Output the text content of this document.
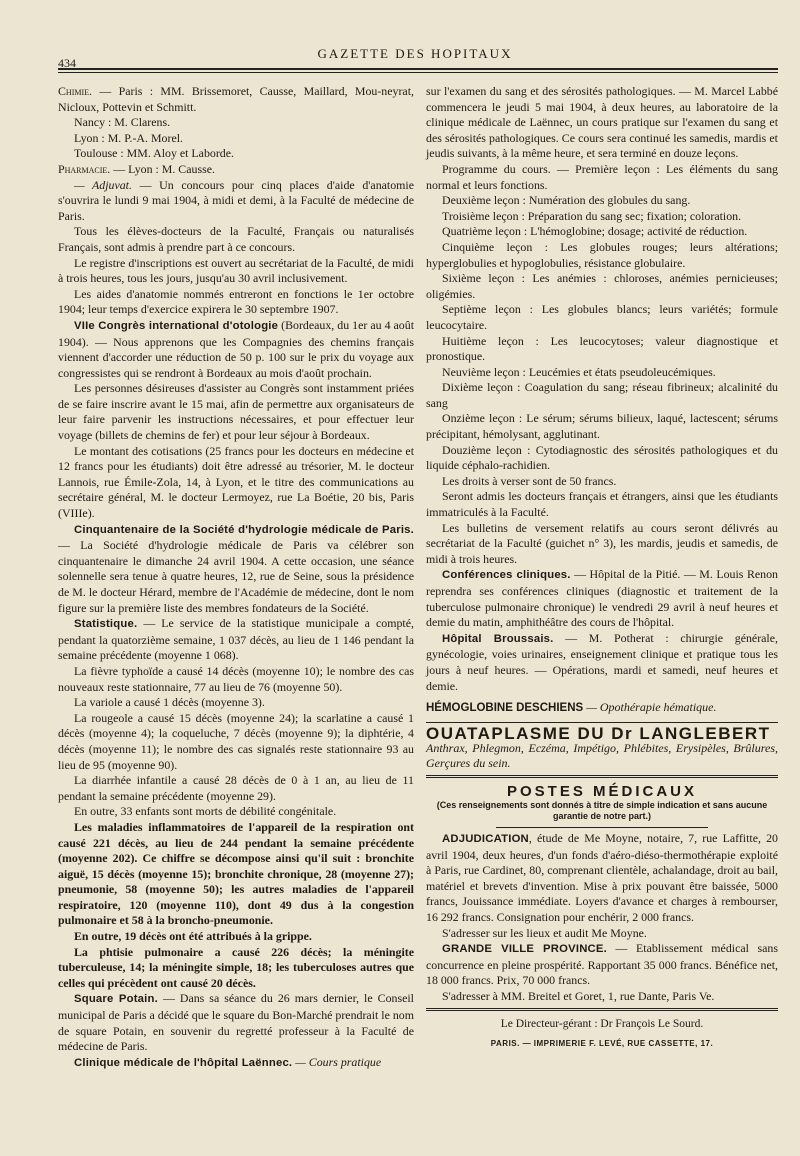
434
GAZETTE DES HOPITAUX

Chimie. — Paris : MM. Brissemoret, Causse, Maillard, Mou-neyrat, Nicloux, Pottevin et Schmitt.

Nancy : M. Clarens.

Lyon : M. P.-A. Morel.

Toulouse : MM. Aloy et Laborde.

Pharmacie. — Lyon : M. Causse.

— Adjuvat. — Un concours pour cinq places d'aide d'anatomie s'ouvrira le lundi 9 mai 1904, à midi et demi, à la Faculté de médecine de Paris.

Tous les élèves-docteurs de la Faculté, Français ou naturalisés Français, sont admis à prendre part à ce concours.

Le registre d'inscriptions est ouvert au secrétariat de la Faculté, de midi à trois heures, tous les jours, jusqu'au 30 avril inclusivement.

Les aides d'anatomie nommés entreront en fonctions le 1er octobre 1904; leur temps d'exercice expirera le 30 septembre 1907.

VIIe Congrès international d'otologie (Bordeaux, du 1er au 4 août 1904). — Nous apprenons que les Compagnies des chemins français viennent d'accorder une réduction de 50 p. 100 sur le prix du voyage aux congressistes qui se rendront à Bordeaux au mois d'août prochain.

Les personnes désireuses d'assister au Congrès sont instamment priées de se faire inscrire avant le 15 mai, afin de permettre aux organisateurs de leur faire parvenir les instructions nécessaires, et pour effectuer leur voyage (billets de chemins de fer) et pour leur séjour à Bordeaux.

Le montant des cotisations (25 francs pour les docteurs en médecine et 12 francs pour les étudiants) doit être adressé au trésorier, M. le docteur Lannois, rue Émile-Zola, 14, à Lyon, et le titre des communications au secrétaire général, M. le docteur Lermoyez, rue La Boétie, 20 bis, Paris (VIIIe).

Cinquantenaire de la Société d'hydrologie médicale de Paris. — La Société d'hydrologie médicale de Paris va célébrer son cinquantenaire le dimanche 24 avril 1904. A cette occasion, une séance solennelle sera tenue à quatre heures, 12, rue de Seine, sous la présidence de M. le docteur Hérard, membre de l'Académie de médecine, dont le nom figure sur la première liste des membres fondateurs de la Société.

Statistique. — Le service de la statistique municipale a compté, pendant la quatorzième semaine, 1 037 décès, au lieu de 1 146 pendant la semaine précédente (moyenne 1 068).

La fièvre typhoïde a causé 14 décès (moyenne 10); le nombre des cas nouveaux reste stationnaire, 77 au lieu de 76 (moyenne 50).

La variole a causé 1 décès (moyenne 3).

La rougeole a causé 15 décès (moyenne 24); la scarlatine a causé 1 décès (moyenne 4); la coqueluche, 7 décès (moyenne 9); la diphtérie, 4 décès (moyenne 11); le nombre des cas signalés reste stationnaire 93 au lieu de 95 (moyenne 90).

La diarrhée infantile a causé 28 décès de 0 à 1 an, au lieu de 11 pendant la semaine précédente (moyenne 29).

En outre, 33 enfants sont morts de débilité congénitale.

Les maladies inflammatoires de l'appareil de la respiration ont causé 221 décès, au lieu de 244 pendant la semaine précédente (moyenne 202). Ce chiffre se décompose ainsi qu'il suit : bronchite aiguë, 15 décès (moyenne 15); bronchite chronique, 28 (moyenne 27); pneumonie, 58 (moyenne 50); les autres maladies de l'appareil respiratoire, 120 (moyenne 110), dont 49 dus à la congestion pulmonaire et 58 à la broncho-pneumonie.

En outre, 19 décès ont été attribués à la grippe.

La phtisie pulmonaire a causé 226 décès; la méningite tuberculeuse, 14; la méningite simple, 18; les tuberculoses autres que celles qui précèdent ont causé 20 décès.

Square Potain. — Dans sa séance du 26 mars dernier, le Conseil municipal de Paris a décidé que le square du Bon-Marché prendrait le nom de square Potain, en souvenir du regretté professeur à la Faculté de médecine de Paris.

Clinique médicale de l'hôpital Laënnec. — Cours pratique

sur l'examen du sang et des sérosités pathologiques. — M. Marcel Labbé commencera le jeudi 5 mai 1904, à deux heures, au laboratoire de la clinique médicale de Laënnec, un cours pratique sur l'examen du sang et des sérosités pathologiques. Ce cours sera continué les samedis, mardis et jeudis suivants, à la même heure, et sera terminé en douze leçons.

Programme du cours. — Première leçon : Les éléments du sang normal et leurs fonctions.

Deuxième leçon : Numération des globules du sang.

Troisième leçon : Préparation du sang sec; fixation; coloration.

Quatrième leçon : L'hémoglobine; dosage; activité de réduction.

Cinquième leçon : Les globules rouges; leurs altérations; hyperglobulies et hypoglobulies, résistance globulaire.

Sixième leçon : Les anémies : chloroses, anémies pernicieuses; oligémies.

Septième leçon : Les globules blancs; leurs variétés; formule leucocytaire.

Huitième leçon : Les leucocytoses; valeur diagnostique et pronostique.

Neuvième leçon : Leucémies et états pseudoleucémiques.

Dixième leçon : Coagulation du sang; réseau fibrineux; alcalinité du sang

Onzième leçon : Le sérum; sérums bilieux, laqué, lactescent; sérums précipitant, hémolysant, agglutinant.

Douzième leçon : Cytodiagnostic des sérosités pathologiques et du liquide céphalo-rachidien.

Les droits à verser sont de 50 francs.

Seront admis les docteurs français et étrangers, ainsi que les étudiants immatriculés à la Faculté.

Les bulletins de versement relatifs au cours seront délivrés au secrétariat de la Faculté (guichet n° 3), les mardis, jeudis et samedis, de midi à trois heures.

Conférences cliniques. — Hôpital de la Pitié. — M. Louis Renon reprendra ses conférences cliniques (diagnostic et traitement de la tuberculose pulmonaire chronique) le vendredi 29 avril à neuf heures et demie du matin, amphithéâtre des cours de l'hôpital.

Hôpital Broussais. — M. Potherat : chirurgie générale, gynécologie, voies urinaires, enseignement clinique et pratique tous les jours à neuf heures. — Opérations, mardi et samedi, neuf heures et demie.

HÉMOGLOBINE DESCHIENS — Opothérapie hématique.
OUATAPLASME DU Dr LANGLEBERT
Anthrax, Phlegmon, Eczéma, Impétigo, Phlébites, Erysipèles, Brûlures, Gerçures du sein.
POSTES MÉDICAUX
(Ces renseignements sont donnés à titre de simple indication et sans aucune garantie de notre part.)

ADJUDICATION, étude de Me Moyne, notaire, 7, rue Laffitte, 20 avril 1904, deux heures, d'un fonds d'aéro-diéso-thermothérapie exploité à Paris, rue Cardinet, 80, comprenant clientèle, achalandage, droit au bail, matériel et brevets d'invention. Mise à prix pouvant être baissée, 5000 francs, Jouissance immédiate. Loyers d'avance et charges à rembourser, 16 292 francs. Consignation pour enchérir, 2 000 francs.

S'adresser sur les lieux et audit Me Moyne.

GRANDE VILLE PROVINCE. — Etablissement médical sans concurrence en pleine prospérité. Rapportant 35 000 francs. Bénéfice net, 18 000 francs. Prix, 70 000 francs.

S'adresser à MM. Breitel et Goret, 1, rue Dante, Paris Ve.

Le Directeur-gérant : Dr François Le Sourd.
PARIS. — IMPRIMERIE F. LEVÉ, RUE CASSETTE, 17.
